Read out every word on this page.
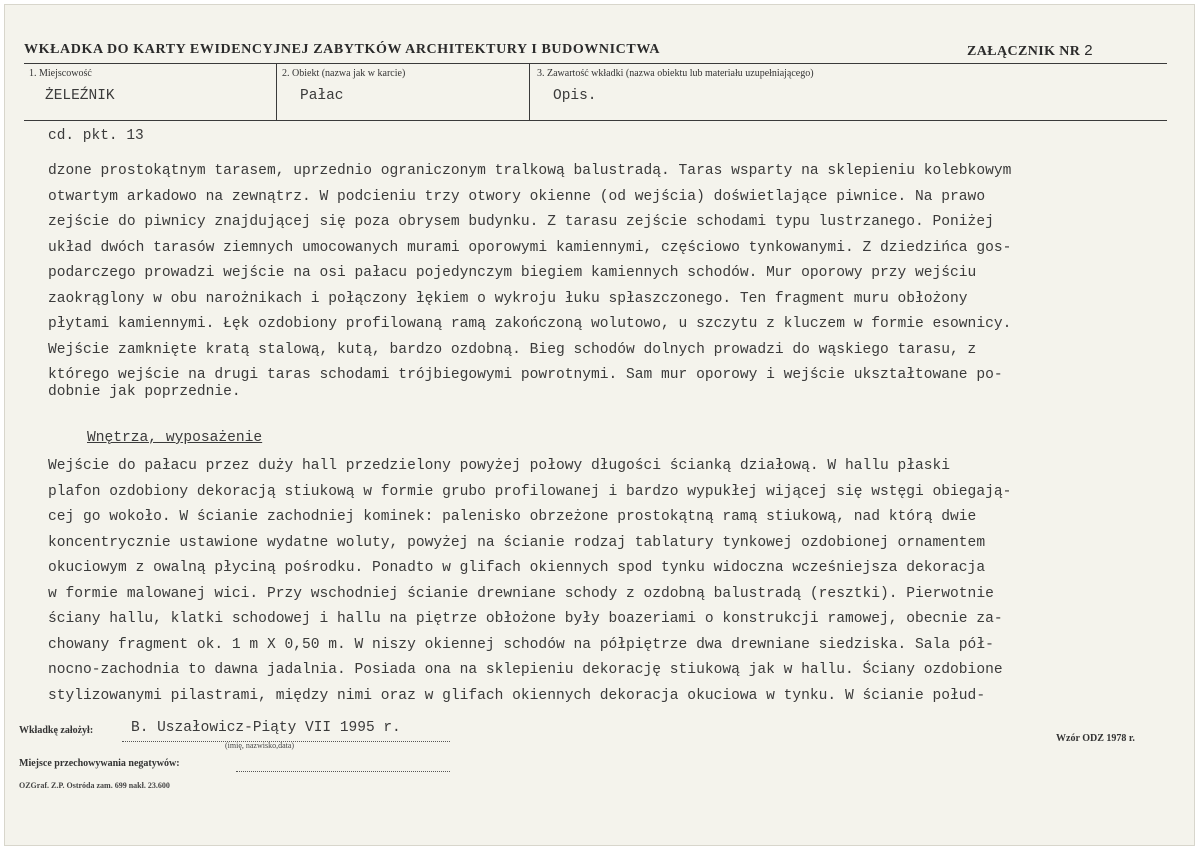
WKŁADKA DO KARTY EWIDENCYJNEJ ZABYTKÓW ARCHITEKTURY I BUDOWNICTWA	ZAŁĄCZNIK NR 2
1. Miejscowość
ŻELEŹNIK
2. Obiekt (nazwa jak w karcie)
Pałac
3. Zawartość wkładki (nazwa obiektu lub materiału uzupełniającego)
Opis.
cd. pkt. 13
dzone prostokątnym tarasem, uprzednio ograniczonym tralkową balustradą. Taras wsparty na sklepieniu kolebkowym
otwartym arkadowo na zewnątrz. W podcieniu trzy otwory okienne (od wejścia) doświetlające piwnice. Na prawo
zejście do piwnicy znajdującej się poza obrysem budynku. Z tarasu zejście schodami typu lustrzanego. Poniżej
układ dwóch tarasów ziemnych umocowanych murami oporowymi kamiennymi, częściowo tynkowanymi. Z dziedzińca gos-
podarczego prowadzi wejście na osi pałacu pojedynczym biegiem kamiennych schodów. Mur oporowy przy wejściu
zaokrąglony w obu narożnikach i połączony łękiem o wykroju łuku spłaszczonego. Ten fragment muru obłożony
płytami kamiennymi. Łęk ozdobiony profilowaną ramą zakończoną wolutowo, u szczytu z kluczem w formie esownicy.
Wejście zamknięte kratą stalową, kutą, bardzo ozdobną. Bieg schodów dolnych prowadzi do wąskiego tarasu, z
którego wejście na drugi taras schodami trójbiegowymi powrotnymi. Sam mur oporowy i wejście ukształtowane po-
dobnie jak poprzednie.
Wnętrza, wyposażenie
Wejście do pałacu przez duży hall przedzielony powyżej połowy długości ścianką działową. W hallu płaski
plafon ozdobiony dekoracją stiukową w formie grubo profilowanej i bardzo wypukłej wijącej się wstęgi obiegają-
cej go wokoło. W ścianie zachodniej kominek: palenisko obrzeżone prostokątną ramą stiukową, nad którą dwie
koncentrycznie ustawione wydatne woluty, powyżej na ścianie rodzaj tablatury tynkowej ozdobionej ornamentem
okuciowym z owalną płyciną pośrodku. Ponadto w glifach okiennych spod tynku widoczna wcześniejsza dekoracja
w formie malowanej wici. Przy wschodniej ścianie drewniane schody z ozdobną balustradą (resztki). Pierwotnie
ściany hallu, klatki schodowej i hallu na piętrze obłożone były boazeriami o konstrukcji ramowej, obecnie za-
chowany fragment ok. 1 m X 0,50 m. W niszy okiennej schodów na półpiętrze dwa drewniane siedziska. Sala pół-
nocno-zachodnia to dawna jadalnia. Posiada ona na sklepieniu dekorację stiukową jak w hallu. Ściany ozdobione
stylizowanymi pilastrami, między nimi oraz w glifach okiennych dekoracja okuciowa w tynku. W ścianie połud-
Wkładkę założył:	B. Uszałowicz-Piąty VII 1995 r.
(imię, nazwisko,data)
Miejsce przechowywania negatywów:
Wzór ODZ 1978 r.
OZGraf. Z.P. Ostróda zam. 699 nakł. 23.600
